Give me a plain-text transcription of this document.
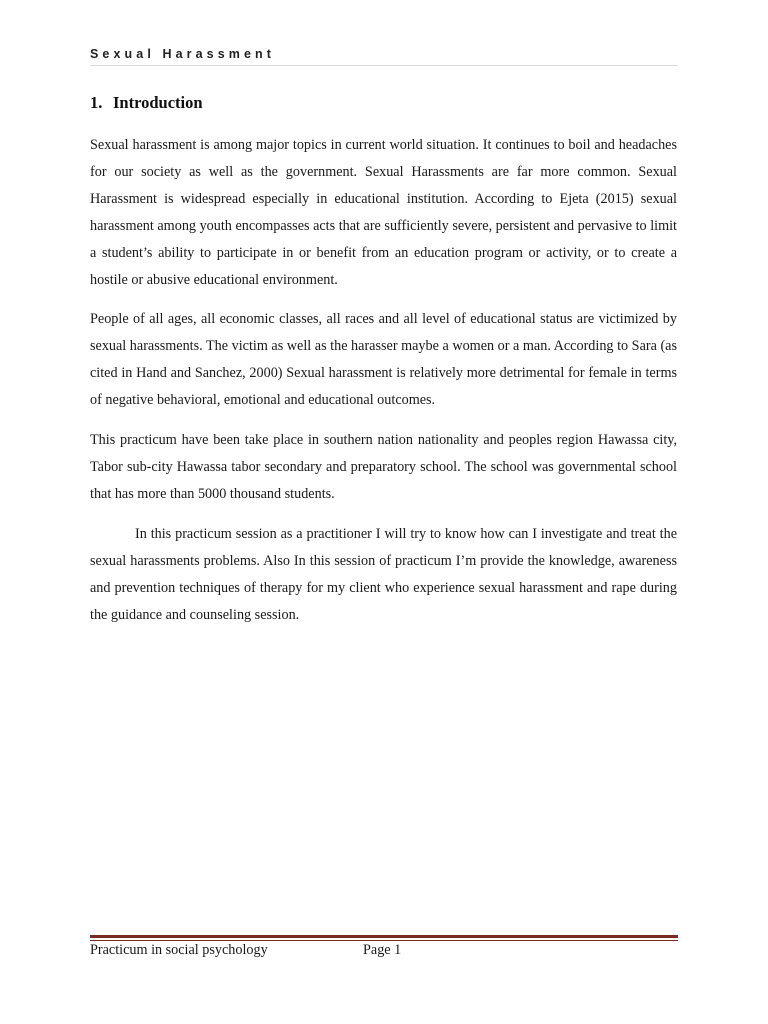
Sexual Harassment
1. Introduction

Sexual harassment is among major topics in current world situation. It continues to boil and headaches for our society as well as the government. Sexual Harassments are far more common. Sexual Harassment is widespread especially in educational institution. According to Ejeta (2015) sexual harassment among youth encompasses acts that are sufficiently severe, persistent and pervasive to limit a student’s ability to participate in or benefit from an education program or activity, or to create a hostile or abusive educational environment.

People of all ages, all economic classes, all races and all level of educational status are victimized by sexual harassments. The victim as well as the harasser maybe a women or a man. According to Sara (as cited in Hand and Sanchez, 2000) Sexual harassment is relatively more detrimental for female in terms of negative behavioral, emotional and educational outcomes.

This practicum have been take place in southern nation nationality and peoples region Hawassa city, Tabor sub-city Hawassa tabor secondary and preparatory school. The school was governmental school that has more than 5000 thousand students.

In this practicum session as a practitioner I will try to know how can I investigate and treat the sexual harassments problems. Also In this session of practicum I’m provide the knowledge, awareness and prevention techniques of therapy for my client who experience sexual harassment and rape during the guidance and counseling session.

Practicum in social psychology	Page 1
